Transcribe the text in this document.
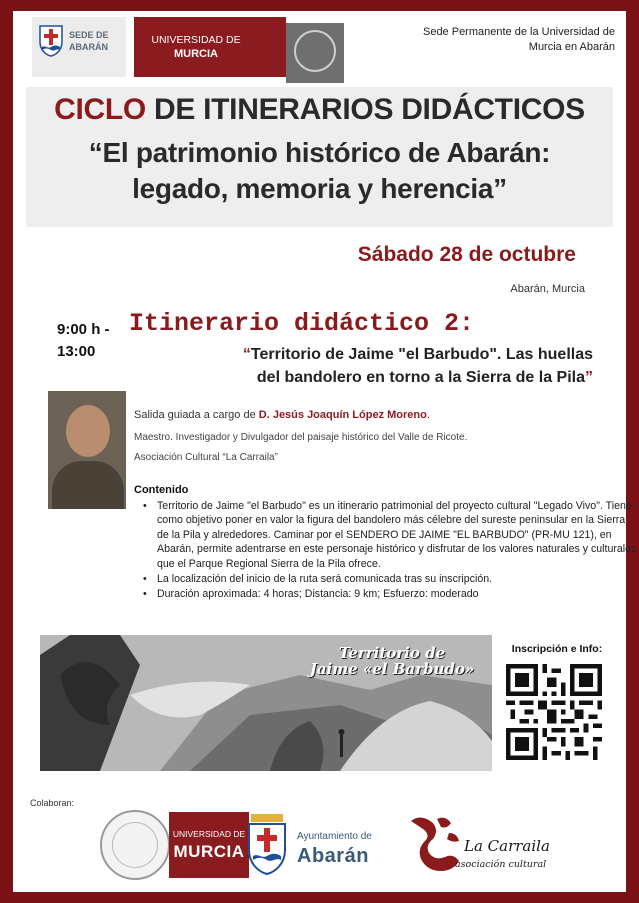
SEDE DE
ABARÁN
UNIVERSIDAD DE
MURCIA
Sede Permanente de la Universidad de
Murcia en Abarán
CICLO DE ITINERARIOS DIDÁCTICOS
“El patrimonio histórico de Abarán:
legado, memoria y herencia”
Sábado 28 de octubre
Abarán, Murcia
9:00 h -
13:00
Itinerario didáctico 2:
“Territorio de Jaime "el Barbudo". Las huellas
del bandolero en torno a la Sierra de la Pila”
Salida guiada a cargo de D. Jesús Joaquín López Moreno.
Maestro. Investigador y Divulgador del paisaje histórico del Valle de Ricote.
Asociación Cultural “La Carraila”
Contenido
• Territorio de Jaime "el Barbudo" es un itinerario patrimonial del proyecto cultural "Legado Vivo". Tiene como objetivo poner en valor la figura del bandolero más célebre del sureste peninsular en la Sierra de la Pila y alrededores. Caminar por el SENDERO DE JAIME "EL BARBUDO" (PR-MU 121), en Abarán, permite adentrarse en este personaje histórico y disfrutar de los valores naturales y culturales que el Parque Regional Sierra de la Pila ofrece.
• La localización del inicio de la ruta será comunicada tras su inscripción.
• Duración aproximada: 4 horas; Distancia: 9 km; Esfuerzo: moderado
Territorio de
Jaime «el Barbudo»
Inscripción e Info:
Colaboran:
UNIVERSIDAD DE
MURCIA
Ayuntamiento de
Abarán	La Carraila
asociación cultural
